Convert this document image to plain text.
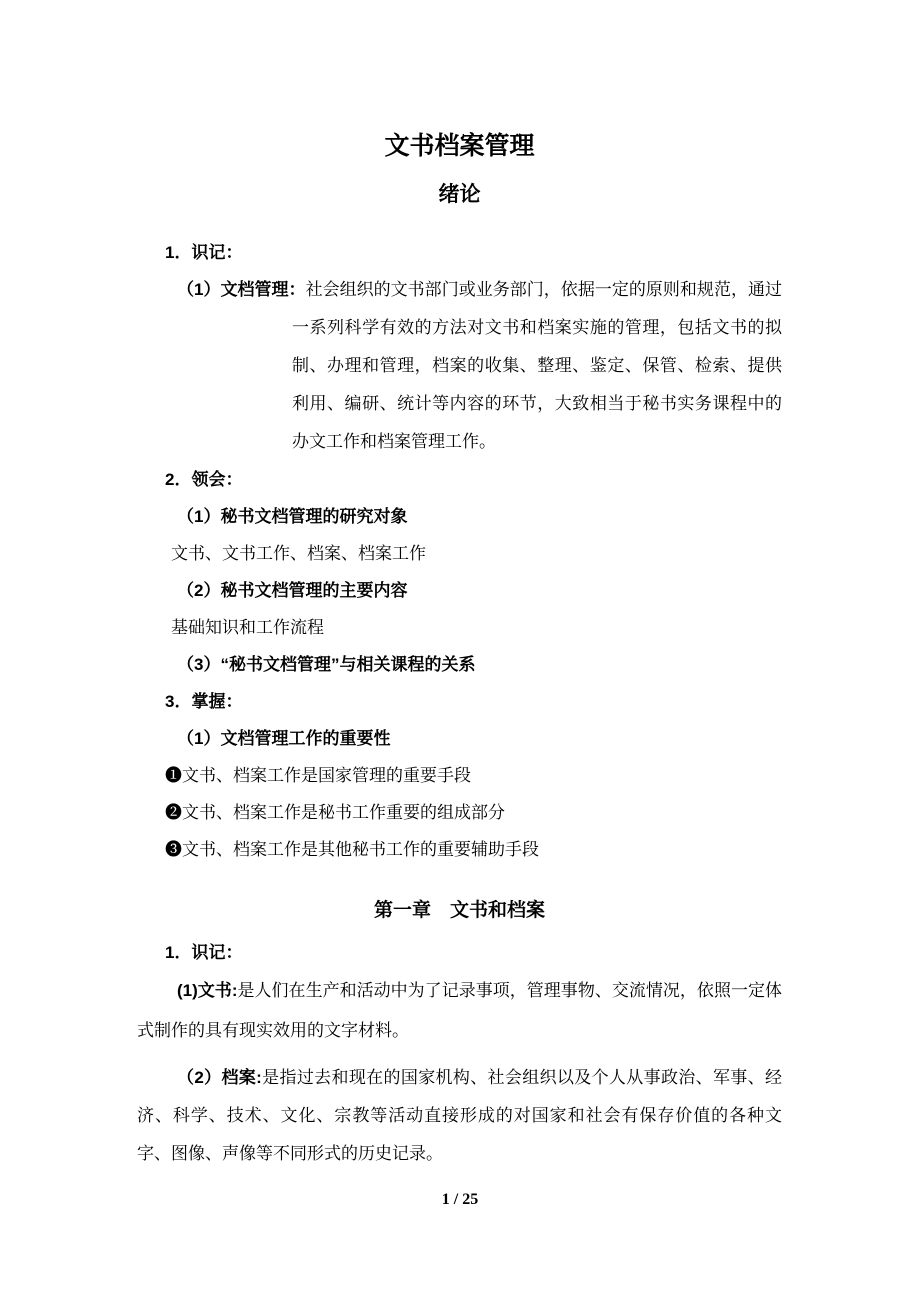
文书档案管理
绪论
1．识记：

（1）文档管理：社会组织的文书部门或业务部门，依据一定的原则和规范，通过一系列科学有效的方法对文书和档案实施的管理，包括文书的拟制、办理和管理，档案的收集、整理、鉴定、保管、检索、提供利用、编研、统计等内容的环节，大致相当于秘书实务课程中的办文工作和档案管理工作。

2．领会：
（1）秘书文档管理的研究对象
文书、文书工作、档案、档案工作
（2）秘书文档管理的主要内容
基础知识和工作流程
（3）“秘书文档管理”与相关课程的关系
3．掌握：
（1）文档管理工作的重要性
❶文书、档案工作是国家管理的重要手段
❷文书、档案工作是秘书工作重要的组成部分
❸文书、档案工作是其他秘书工作的重要辅助手段
第一章　文书和档案
1．识记：

(1)文书:是人们在生产和活动中为了记录事项，管理事物、交流情况，依照一定体式制作的具有现实效用的文字材料。

（2）档案:是指过去和现在的国家机构、社会组织以及个人从事政治、军事、经济、科学、技术、文化、宗教等活动直接形成的对国家和社会有保存价值的各种文字、图像、声像等不同形式的历史记录。

1 / 25
